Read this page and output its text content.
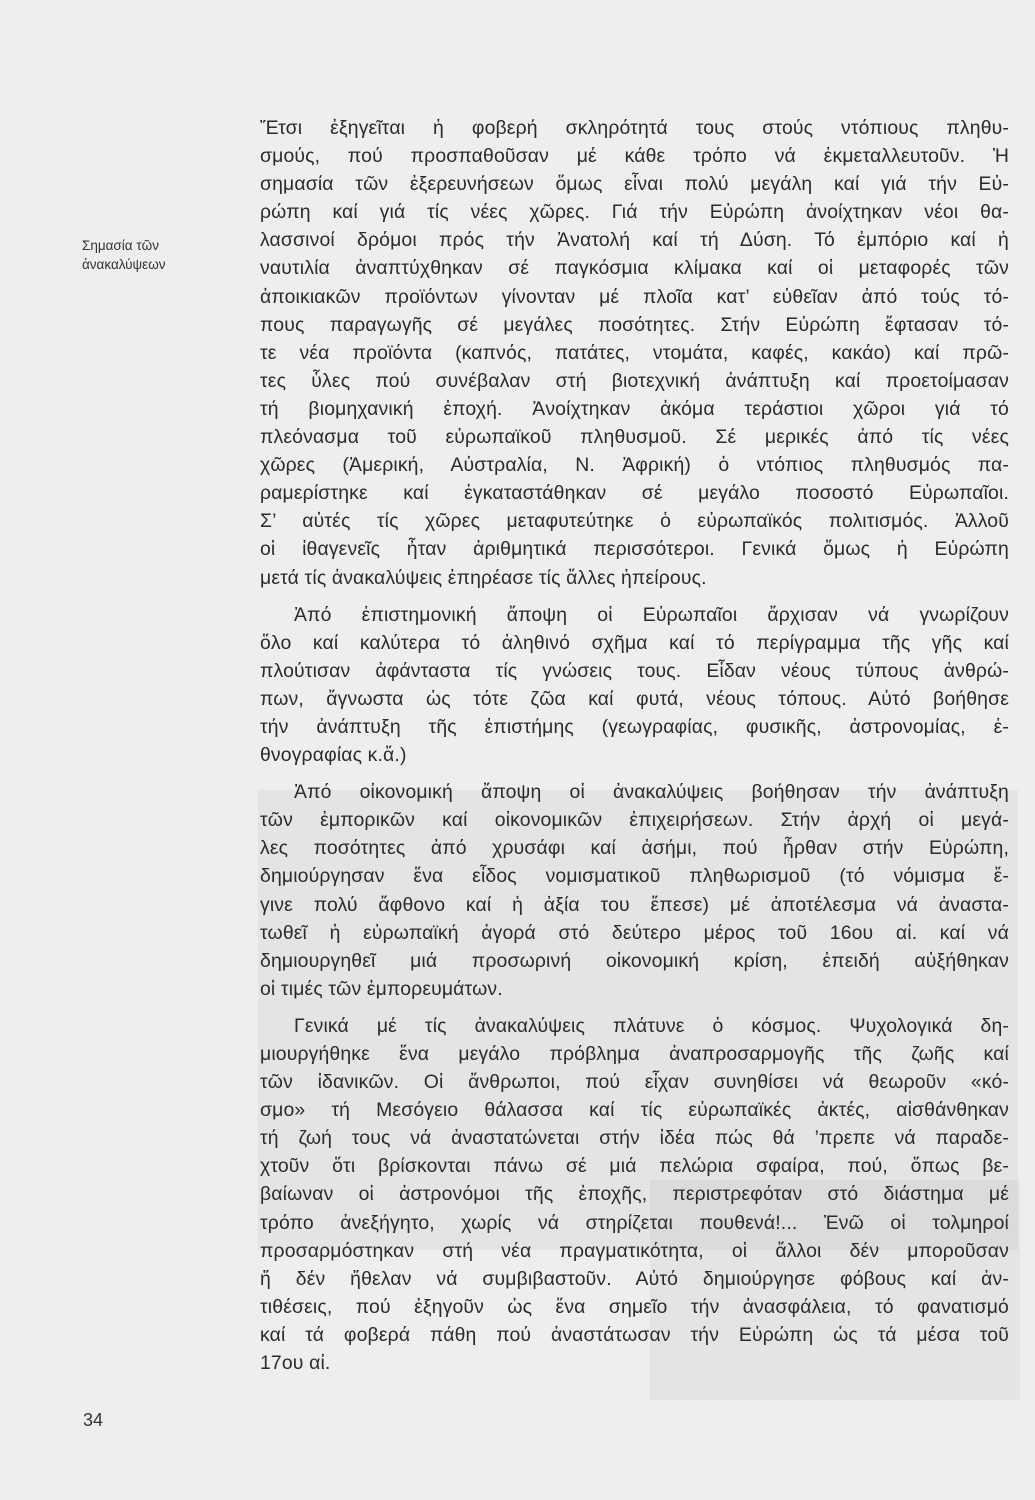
Σημασία τῶν
ἀνακαλύψεων
Ἔτσι ἐξηγεῖται ἡ φοβερή σκληρότητά τους στούς ντόπιους πληθυ-
σμούς, πού προσπαθοῦσαν μέ κάθε τρόπο νά ἐκμεταλλευτοῦν. Ἡ
σημασία τῶν ἐξερευνήσεων ὅμως εἶναι πολύ μεγάλη καί γιά τήν Εὐ-
ρώπη καί γιά τίς νέες χῶρες. Γιά τήν Εὐρώπη ἀνοίχτηκαν νέοι θα-
λασσινοί δρόμοι πρός τήν Ἀνατολή καί τή Δύση. Τό ἐμπόριο καί ἡ
ναυτιλία ἀναπτύχθηκαν σέ παγκόσμια κλίμακα καί οἱ μεταφορές τῶν
ἀποικιακῶν προϊόντων γίνονταν μέ πλοῖα κατ’ εὐθεῖαν ἀπό τούς τό-
πους παραγωγῆς σέ μεγάλες ποσότητες. Στήν Εὐρώπη ἔφτασαν τό-
τε νέα προϊόντα (καπνός, πατάτες, ντομάτα, καφές, κακάο) καί πρῶ-
τες ὗλες πού συνέβαλαν στή βιοτεχνική ἀνάπτυξη καί προετοίμασαν
τή βιομηχανική ἐποχή. Ἀνοίχτηκαν ἀκόμα τεράστιοι χῶροι γιά τό
πλεόνασμα τοῦ εὐρωπαϊκοῦ πληθυσμοῦ. Σέ μερικές ἀπό τίς νέες
χῶρες (Ἀμερική, Αὐστραλία, Ν. Ἀφρική) ὁ ντόπιος πληθυσμός πα-
ραμερίστηκε καί ἐγκαταστάθηκαν σέ μεγάλο ποσοστό Εὐρωπαῖοι.
Σ’ αὐτές τίς χῶρες μεταφυτεύτηκε ὁ εὐρωπαϊκός πολιτισμός. Ἀλλοῦ
οἱ ἰθαγενεῖς ἦταν ἀριθμητικά περισσότεροι. Γενικά ὅμως ἡ Εὐρώπη
μετά τίς ἀνακαλύψεις ἐπηρέασε τίς ἄλλες ἠπείρους.
Ἀπό ἐπιστημονική ἄποψη οἱ Εὐρωπαῖοι ἄρχισαν νά γνωρίζουν
ὅλο καί καλύτερα τό ἀληθινό σχῆμα καί τό περίγραμμα τῆς γῆς καί
πλούτισαν ἀφάνταστα τίς γνώσεις τους. Εἶδαν νέους τύπους ἀνθρώ-
πων, ἄγνωστα ὡς τότε ζῶα καί φυτά, νέους τόπους. Αὐτό βοήθησε
τήν ἀνάπτυξη τῆς ἐπιστήμης (γεωγραφίας, φυσικῆς, ἀστρονομίας, ἐ-
θνογραφίας κ.ἄ.)
Ἀπό οἰκονομική ἄποψη οἱ ἀνακαλύψεις βοήθησαν τήν ἀνάπτυξη
τῶν ἐμπορικῶν καί οἰκονομικῶν ἐπιχειρήσεων. Στήν ἀρχή οἱ μεγά-
λες ποσότητες ἀπό χρυσάφι καί ἀσήμι, πού ἦρθαν στήν Εὐρώπη,
δημιούργησαν ἕνα εἶδος νομισματικοῦ πληθωρισμοῦ (τό νόμισμα ἔ-
γινε πολύ ἄφθονο καί ἡ ἀξία του ἔπεσε) μέ ἀποτέλεσμα νά ἀναστα-
τωθεῖ ἡ εὐρωπαϊκή ἀγορά στό δεύτερο μέρος τοῦ 16ου αἰ. καί νά
δημιουργηθεῖ μιά προσωρινή οἰκονομική κρίση, ἐπειδή αὐξήθηκαν
οἱ τιμές τῶν ἐμπορευμάτων.
Γενικά μέ τίς ἀνακαλύψεις πλάτυνε ὁ κόσμος. Ψυχολογικά δη-
μιουργήθηκε ἕνα μεγάλο πρόβλημα ἀναπροσαρμογῆς τῆς ζωῆς καί
τῶν ἰδανικῶν. Οἱ ἄνθρωποι, πού εἶχαν συνηθίσει νά θεωροῦν «κό-
σμο» τή Μεσόγειο θάλασσα καί τίς εὐρωπαϊκές ἀκτές, αἰσθάνθηκαν
τή ζωή τους νά ἀναστατώνεται στήν ἰδέα πώς θά ’πρεπε νά παραδε-
χτοῦν ὅτι βρίσκονται πάνω σέ μιά πελώρια σφαίρα, πού, ὅπως βε-
βαίωναν οἱ ἀστρονόμοι τῆς ἐποχῆς, περιστρεφόταν στό διάστημα μέ
τρόπο ἀνεξήγητο, χωρίς νά στηρίζεται πουθενά!... Ἐνῶ οἱ τολμηροί
προσαρμόστηκαν στή νέα πραγματικότητα, οἱ ἄλλοι δέν μποροῦσαν
ἤ δέν ἤθελαν νά συμβιβαστοῦν. Αὐτό δημιούργησε φόβους καί ἀν-
τιθέσεις, πού ἐξηγοῦν ὡς ἕνα σημεῖο τήν ἀνασφάλεια, τό φανατισμό
καί τά φοβερά πάθη πού ἀναστάτωσαν τήν Εὐρώπη ὡς τά μέσα τοῦ
17ου αἰ.
34
